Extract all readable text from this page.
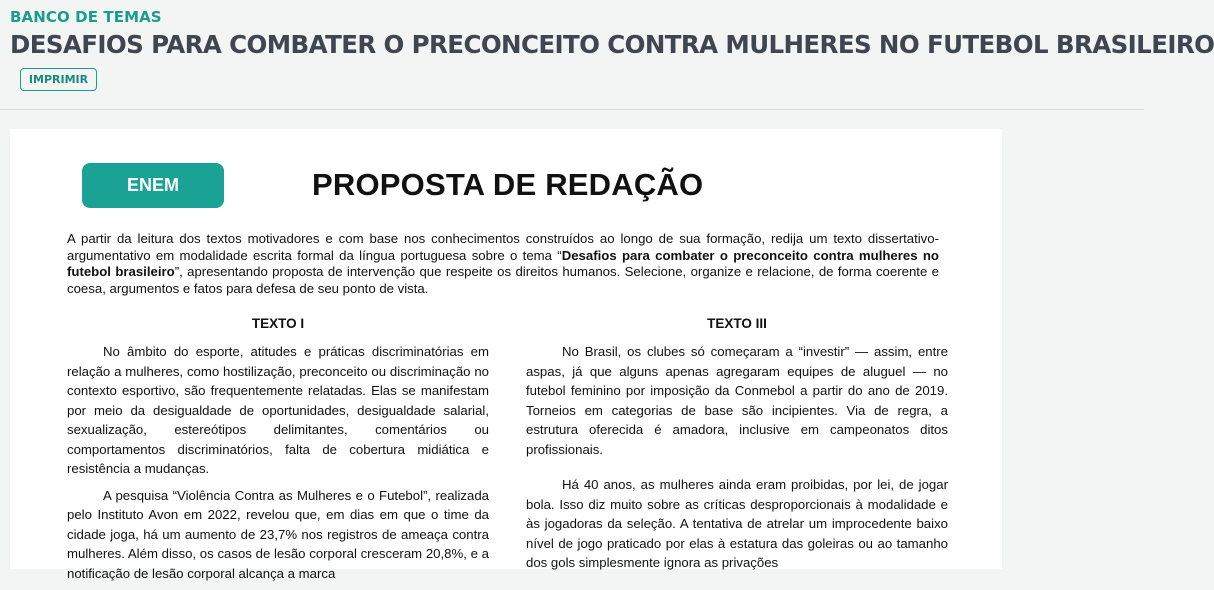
BANCO DE TEMAS
DESAFIOS PARA COMBATER O PRECONCEITO CONTRA MULHERES NO FUTEBOL BRASILEIRO
IMPRIMIR
ENEM	PROPOSTA DE REDAÇÃO

A partir da leitura dos textos motivadores e com base nos conhecimentos construídos ao longo de sua formação, redija um texto dissertativo-argumentativo em modalidade escrita formal da língua portuguesa sobre o tema “Desafios para combater o preconceito contra mulheres no futebol brasileiro”, apresentando proposta de intervenção que respeite os direitos humanos. Selecione, organize e relacione, de forma coerente e coesa, argumentos e fatos para defesa de seu ponto de vista.

TEXTO I

No âmbito do esporte, atitudes e práticas discriminatórias em relação a mulheres, como hostilização, preconceito ou discriminação no contexto esportivo, são frequentemente relatadas. Elas se manifestam por meio da desigualdade de oportunidades, desigualdade salarial, sexualização, estereótipos delimitantes, comentários ou comportamentos discriminatórios, falta de cobertura midiática e resistência a mudanças.

A pesquisa “Violência Contra as Mulheres e o Futebol”, realizada pelo Instituto Avon em 2022, revelou que, em dias em que o time da cidade joga, há um aumento de 23,7% nos registros de ameaça contra mulheres. Além disso, os casos de lesão corporal cresceram 20,8%, e a notificação de lesão corporal alcança a marca

TEXTO III

No Brasil, os clubes só começaram a “investir” — assim, entre aspas, já que alguns apenas agregaram equipes de aluguel — no futebol feminino por imposição da Conmebol a partir do ano de 2019. Torneios em categorias de base são incipientes. Via de regra, a estrutura oferecida é amadora, inclusive em campeonatos ditos profissionais.

Há 40 anos, as mulheres ainda eram proibidas, por lei, de jogar bola. Isso diz muito sobre as críticas desproporcionais à modalidade e às jogadoras da seleção. A tentativa de atrelar um improcedente baixo nível de jogo praticado por elas à estatura das goleiras ou ao tamanho dos gols simplesmente ignora as privações
